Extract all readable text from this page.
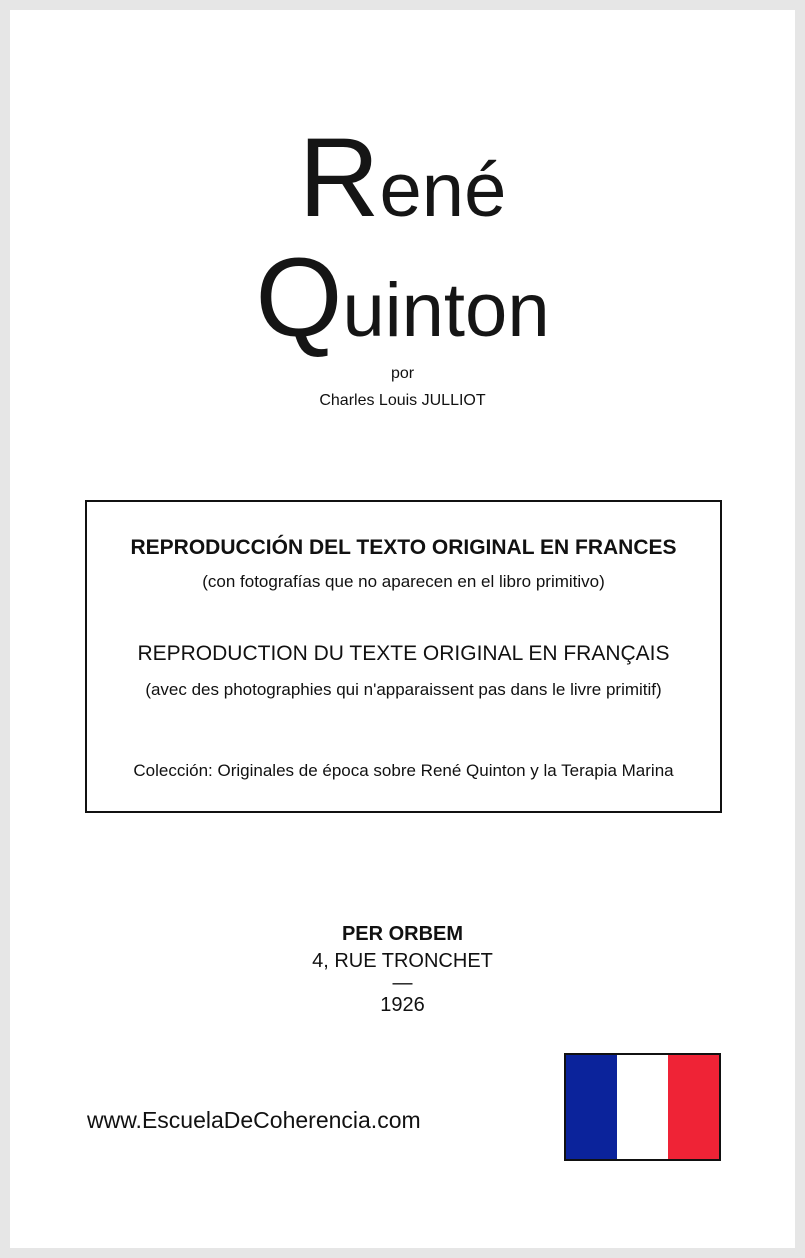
René
Quinton
por
Charles Louis JULLIOT
REPRODUCCIÓN DEL TEXTO ORIGINAL EN FRANCES
(con fotografías que no aparecen en el libro primitivo)
REPRODUCTION DU TEXTE ORIGINAL EN FRANÇAIS
(avec des photographies qui n'apparaissent pas dans le livre primitif)
Colección: Originales de época sobre René Quinton y la Terapia Marina
PER ORBEM
4, RUE TRONCHET
—
1926
www.EscuelaDeCoherencia.com
